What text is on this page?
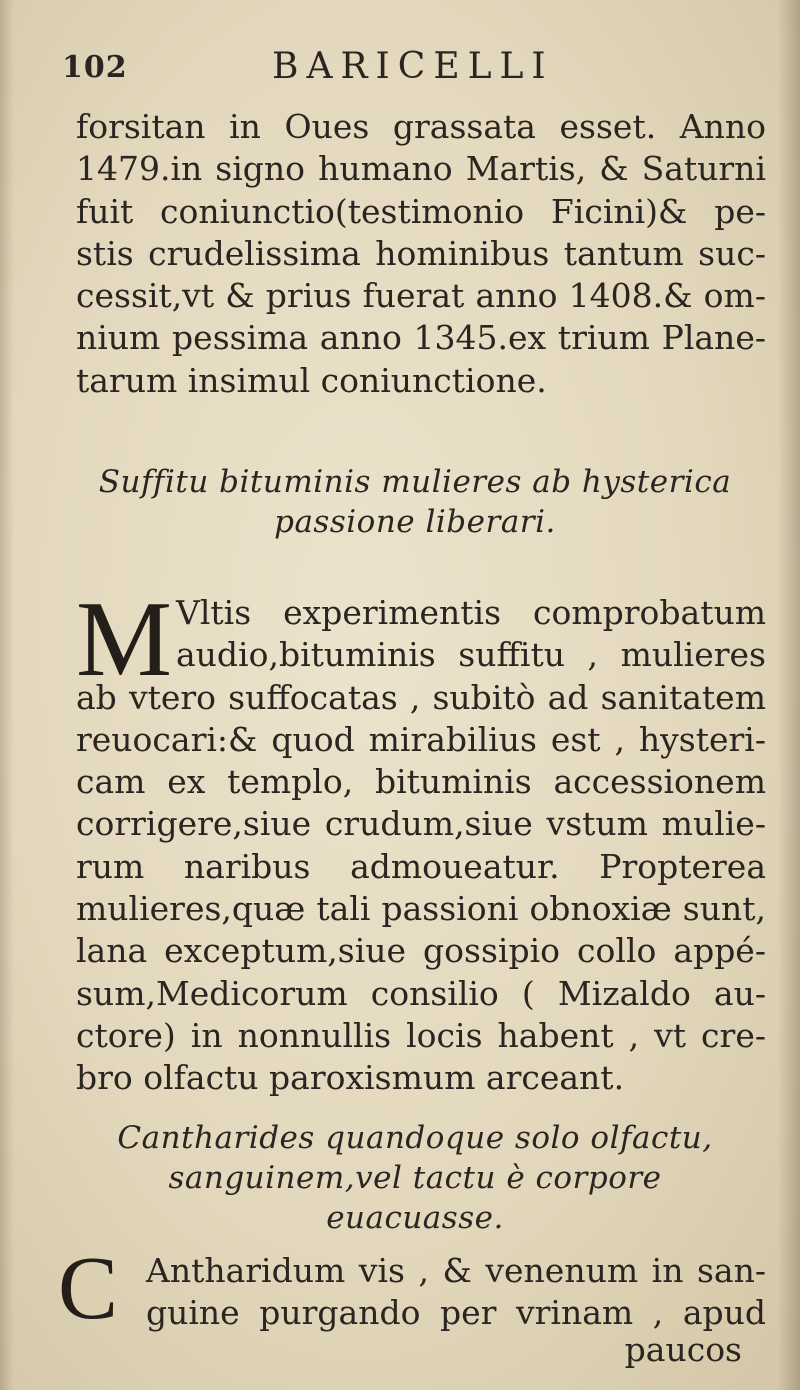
102	BARICELLI
forsitan in Oues grassata esset. Anno
1479.in signo humano Martis, & Saturni
fuit coniunctio(testimonio Ficini)& pe-
stis crudelissima hominibus tantum suc-
cessit,vt & prius fuerat anno 1408.& om-
nium pessima anno 1345.ex trium Plane-
tarum insimul coniunctione.
Suffitu bituminis mulieres ab hysterica
passione liberari.
M Vltis experimentis comprobatum
audio,bituminis suffitu , mulieres
ab vtero suffocatas , subitò ad sanitatem
reuocari:& quod mirabilius est , hysteri-
cam ex templo, bituminis accessionem
corrigere,siue crudum,siue vstum mulie-
rum naribus admoueatur. Propterea
mulieres,quæ tali passioni obnoxiæ sunt,
lana exceptum,siue gossipio collo appé-
sum,Medicorum consilio ( Mizaldo au-
ctore) in nonnullis locis habent , vt cre-
bro olfactu paroxismum arceant.
Cantharides quandoque solo olfactu,
sanguinem,vel tactu è corpore
euacuasse.
C Antharidum vis , & venenum in san-
guine purgando per vrinam , apud
paucos
